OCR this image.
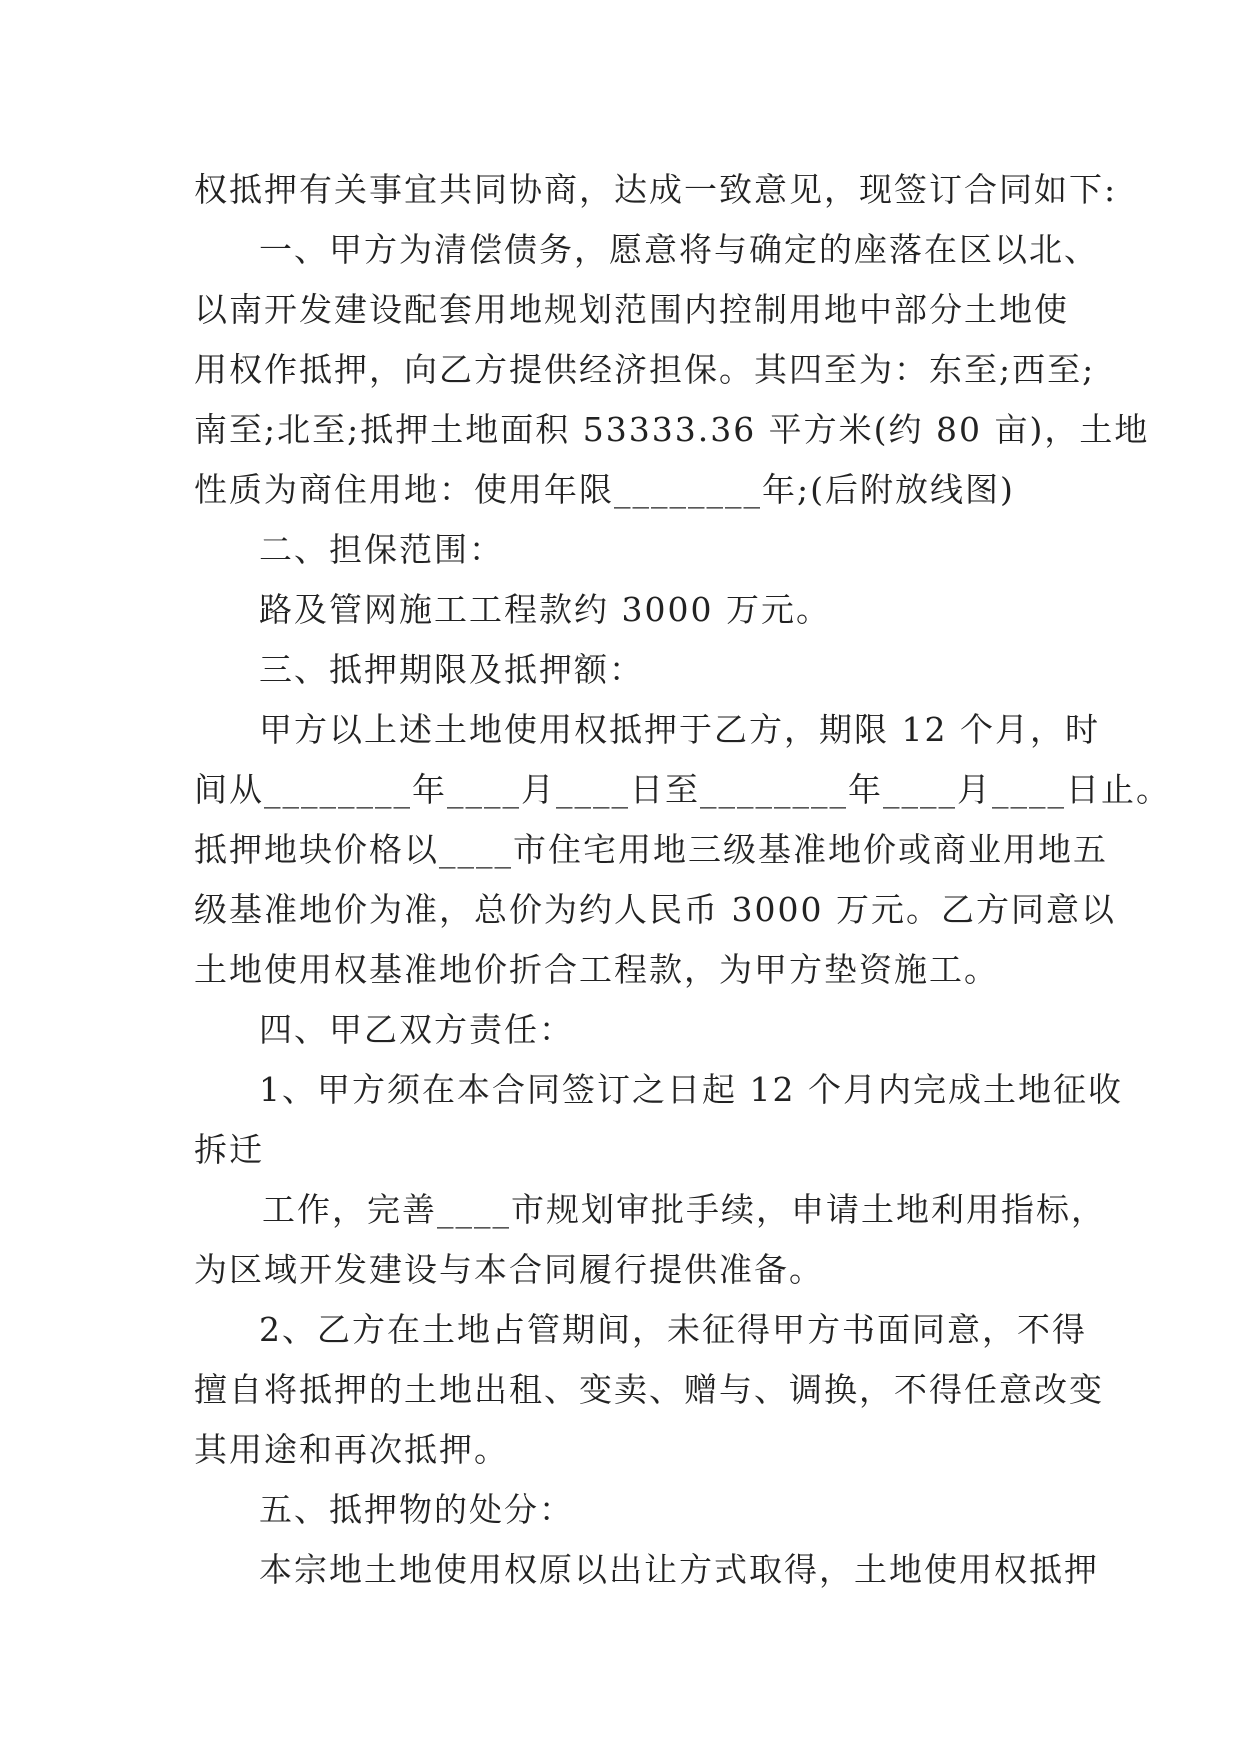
权抵押有关事宜共同协商，达成一致意见，现签订合同如下:
一、甲方为清偿债务，愿意将与确定的座落在区以北、
以南开发建设配套用地规划范围内控制用地中部分土地使
用权作抵押，向乙方提供经济担保。其四至为：东至;西至;
南至;北至;抵押土地面积 53333.36 平方米(约 80 亩)，土地
性质为商住用地：使用年限________年;(后附放线图)
二、担保范围：
路及管网施工工程款约 3000 万元。
三、抵押期限及抵押额：
甲方以上述土地使用权抵押于乙方，期限 12 个月，时
间从________年____月____日至________年____月____日止。
抵押地块价格以____市住宅用地三级基准地价或商业用地五
级基准地价为准，总价为约人民币 3000 万元。乙方同意以
土地使用权基准地价折合工程款，为甲方垫资施工。
四、甲乙双方责任：
1、甲方须在本合同签订之日起 12 个月内完成土地征收
拆迁
工作，完善____市规划审批手续，申请土地利用指标，
为区域开发建设与本合同履行提供准备。
2、乙方在土地占管期间，未征得甲方书面同意，不得
擅自将抵押的土地出租、变卖、赠与、调换，不得任意改变
其用途和再次抵押。
五、抵押物的处分：
本宗地土地使用权原以出让方式取得，土地使用权抵押
